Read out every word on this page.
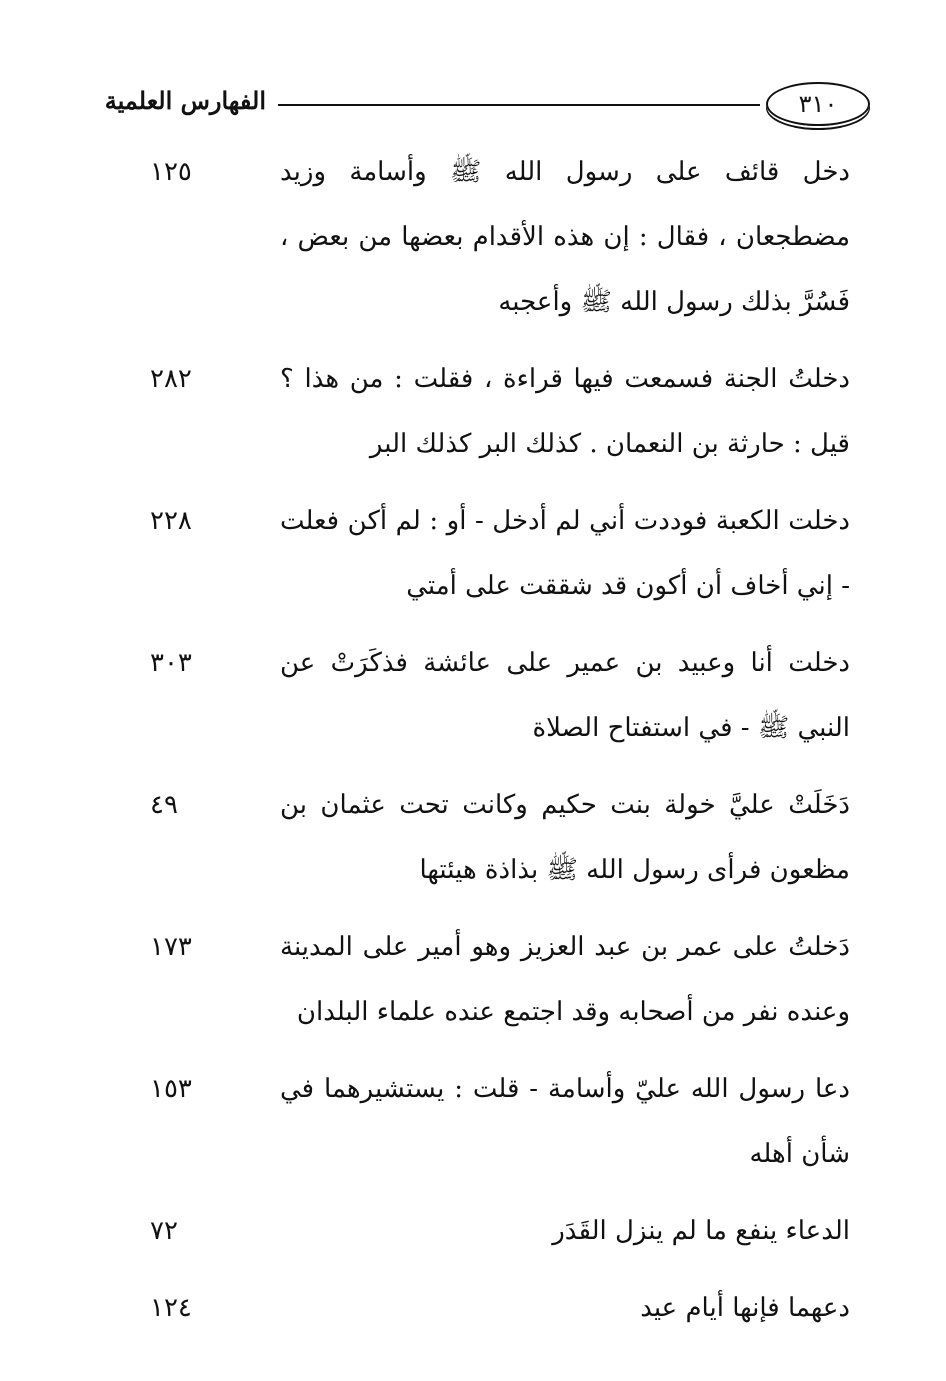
٣١٠
الفهارس العلمية
دخل قائف على رسول الله ﷺ وأسامة وزيد مضطجعان ، فقال : إن هذه الأقدام بعضها من بعض ، فَسُرَّ بذلك رسول الله ﷺ وأعجبه
١٢٥
دخلتُ الجنة فسمعت فيها قراءة ، فقلت : من هذا ؟ قيل : حارثة بن النعمان . كذلك البر كذلك البر
٢٨٢
دخلت الكعبة فوددت أني لم أدخل - أو : لم أكن فعلت - إني أخاف أن أكون قد شققت على أمتي
٢٢٨
دخلت أنا وعبيد بن عمير على عائشة فذكَرَتْ عن النبي ﷺ - في استفتاح الصلاة
٣٠٣
دَخَلَتْ عليَّ خولة بنت حكيم وكانت تحت عثمان بن مظعون فرأى رسول الله ﷺ بذاذة هيئتها
٤٩
دَخلتُ على عمر بن عبد العزيز وهو أمير على المدينة وعنده نفر من أصحابه وقد اجتمع عنده علماء البلدان
١٧٣
دعا رسول الله عليّ وأسامة - قلت : يستشيرهما في شأن أهله
١٥٣
الدعاء ينفع ما لم ينزل القَدَر
٧٢
دعهما فإنها أيام عيد
١٢٤
